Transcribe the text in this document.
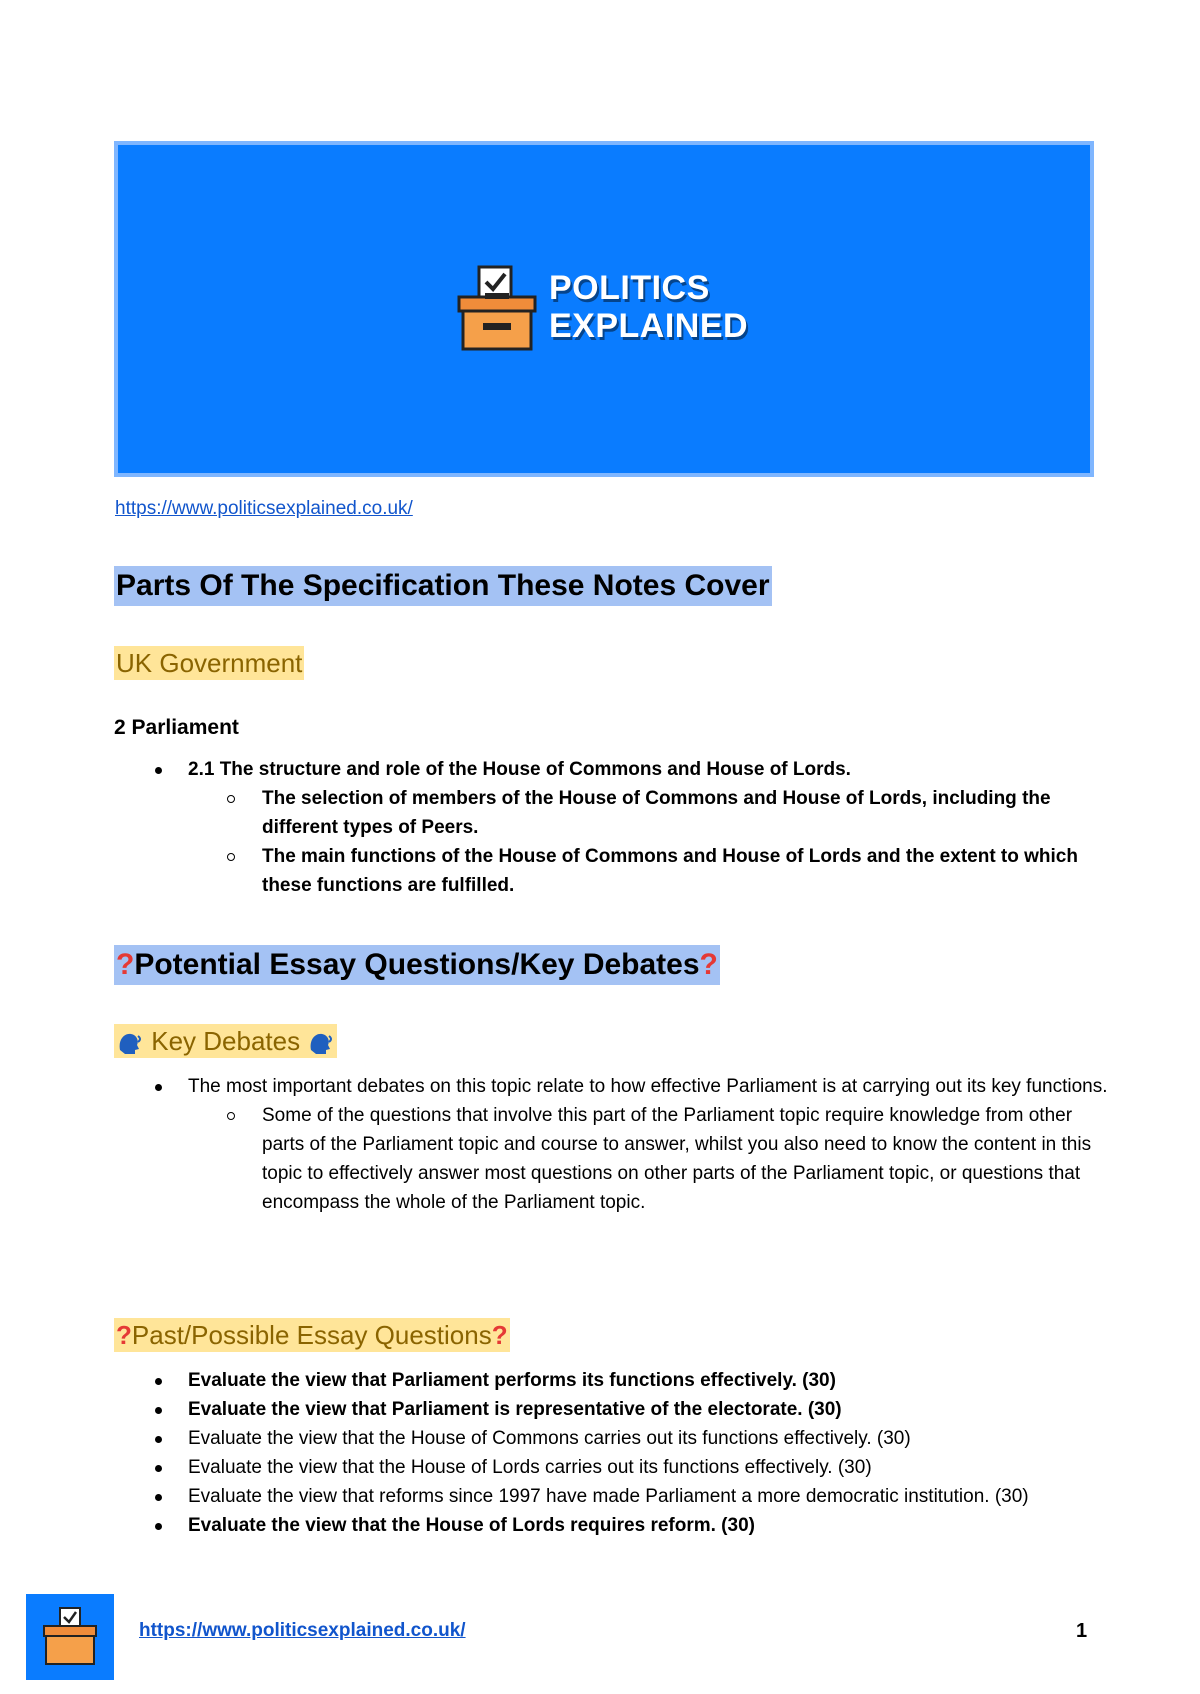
POLITICS
EXPLAINED
https://www.politicsexplained.co.uk/
Parts Of The Specification These Notes Cover
UK Government
2 Parliament
2.1 The structure and role of the House of Commons and House of Lords.
The selection of members of the House of Commons and House of Lords, including the different types of Peers.
The main functions of the House of Commons and House of Lords and the extent to which these functions are fulfilled.
?Potential Essay Questions/Key Debates?
Key Debates
The most important debates on this topic relate to how effective Parliament is at carrying out its key functions.
Some of the questions that involve this part of the Parliament topic require knowledge from other parts of the Parliament topic and course to answer, whilst you also need to know the content in this topic to effectively answer most questions on other parts of the Parliament topic, or questions that encompass the whole of the Parliament topic.
?Past/Possible Essay Questions?
Evaluate the view that Parliament performs its functions effectively. (30)
Evaluate the view that Parliament is representative of the electorate. (30)
Evaluate the view that the House of Commons carries out its functions effectively. (30)
Evaluate the view that the House of Lords carries out its functions effectively. (30)
Evaluate the view that reforms since 1997 have made Parliament a more democratic institution. (30)
Evaluate the view that the House of Lords requires reform. (30)
https://www.politicsexplained.co.uk/	1
